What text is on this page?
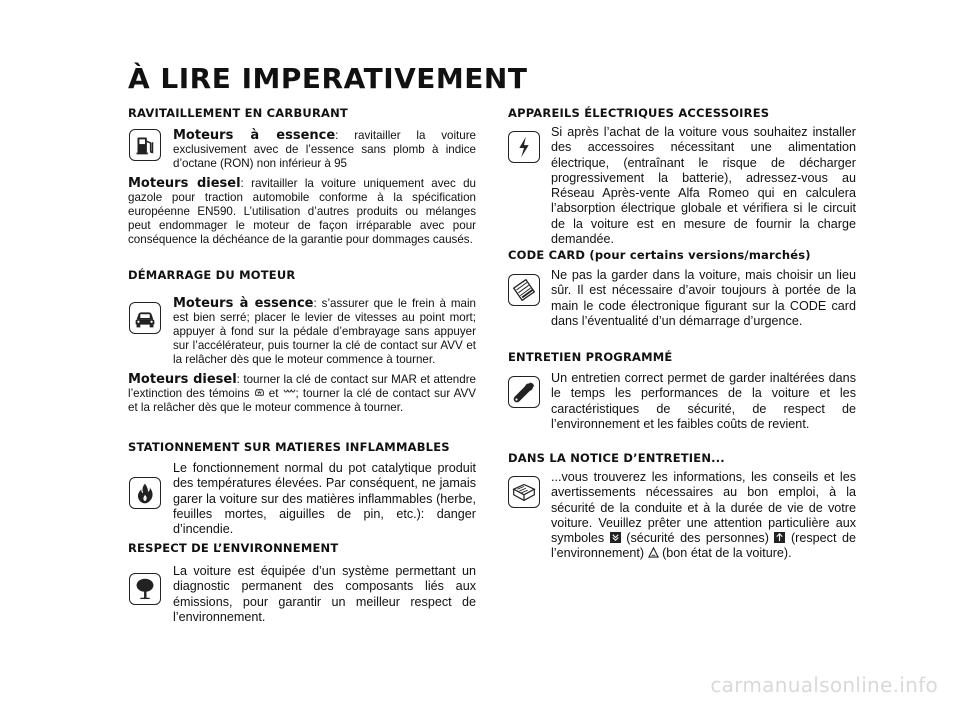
À LIRE IMPERATIVEMENT
RAVITAILLEMENT EN CARBURANT
Moteurs à essence: ravitailler la voiture exclusivement avec de l’essence sans plomb à indice d’octane (RON) non inférieur à 95
Moteurs diesel: ravitailler la voiture uniquement avec du gazole pour traction automobile conforme à la spécification européenne EN590. L’utilisation d’autres produits ou mélanges peut endommager le moteur de façon irréparable avec pour conséquence la déchéance de la garantie pour dommages causés.
DÉMARRAGE DU MOTEUR
Moteurs à essence: s’assurer que le frein à main est bien serré; placer le levier de vitesses au point mort; appuyer à fond sur la pédale d’embrayage sans appuyer sur l’accélérateur, puis tourner la clé de contact sur AVV et la relâcher dès que le moteur commence à tourner.
Moteurs diesel: tourner la clé de contact sur MAR et attendre l’extinction des témoins et ; tourner la clé de contact sur AVV et la relâcher dès que le moteur commence à tourner.
STATIONNEMENT SUR MATIERES INFLAMMABLES
Le fonctionnement normal du pot catalytique produit des températures élevées. Par conséquent, ne jamais garer la voiture sur des matières inflammables (herbe, feuilles mortes, aiguilles de pin, etc.): danger d’incendie.
RESPECT DE L’ENVIRONNEMENT
La voiture est équipée d’un système permettant un diagnostic permanent des composants liés aux émissions, pour garantir un meilleur respect de l’environnement.
APPAREILS ÉLECTRIQUES ACCESSOIRES
Si après l’achat de la voiture vous souhaitez installer des accessoires nécessitant une alimentation électrique, (entraînant le risque de décharger progressivement la batterie), adressez-vous au Réseau Après-vente Alfa Romeo qui en calculera l’absorption électrique globale et vérifiera si le circuit de la voiture est en mesure de fournir la charge demandée.
CODE CARD (pour certains versions/marchés)
Ne pas la garder dans la voiture, mais choisir un lieu sûr. Il est nécessaire d’avoir toujours à portée de la main le code électronique figurant sur la CODE card dans l’éventualité d’un démarrage d’urgence.
ENTRETIEN PROGRAMMÉ
Un entretien correct permet de garder inaltérées dans le temps les performances de la voiture et les caractéristiques de sécurité, de respect de l’environnement et les faibles coûts de revient.
DANS LA NOTICE D’ENTRETIEN...
...vous trouverez les informations, les conseils et les avertissements nécessaires au bon emploi, à la sécurité de la conduite et à la durée de vie de votre voiture. Veuillez prêter une attention particulière aux symboles (sécurité des personnes) (respect de l’environnement) (bon état de la voiture).
carmanualsonline.info
